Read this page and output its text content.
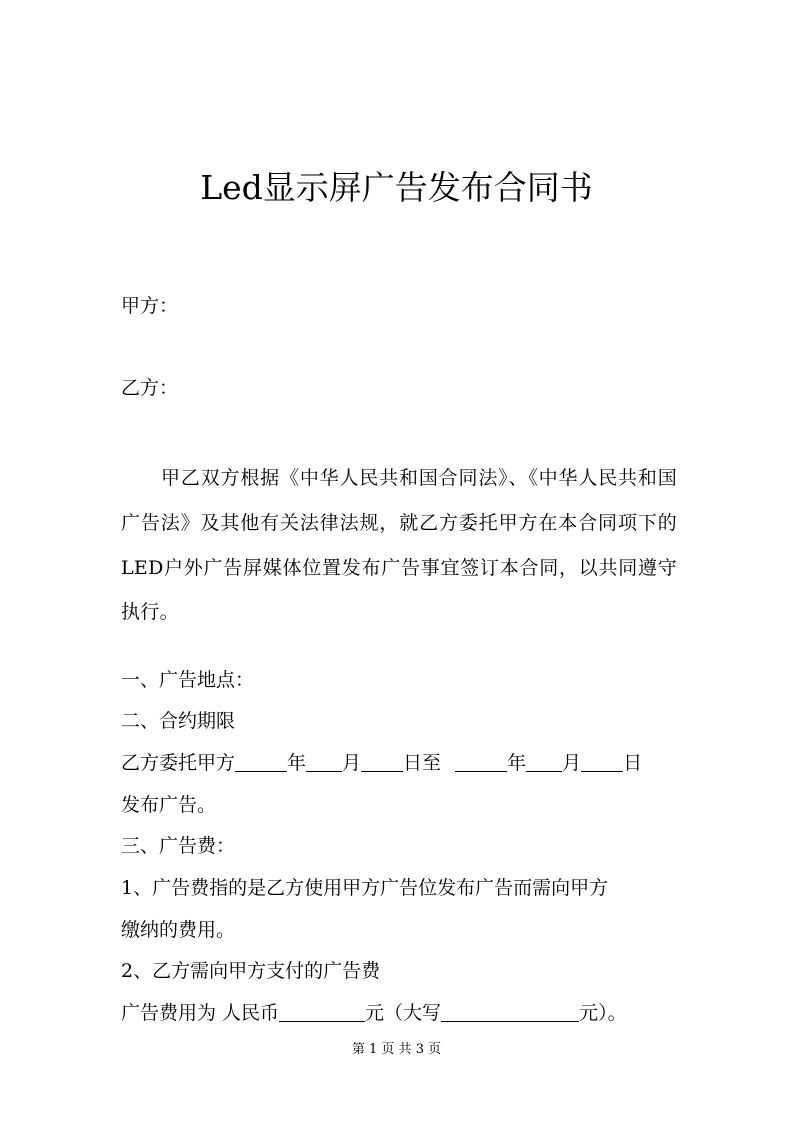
Led显示屏广告发布合同书
甲方：
乙方：
甲乙双方根据《中华人民共和国合同法》、《中华人民共和国广告法》及其他有关法律法规，就乙方委托甲方在本合同项下的LED户外广告屏媒体位置发布广告事宜签订本合同，以共同遵守执行。
一、广告地点：
二、合约期限
乙方委托甲方	年 月 日至	年 月 日
发布广告。
三、广告费：
1、广告费指的是乙方使用甲方广告位发布广告而需向甲方
缴纳的费用。
2、乙方需向甲方支付的广告费
广告费用为 人民币	元（大写	元）。
第 1 页 共 3 页
